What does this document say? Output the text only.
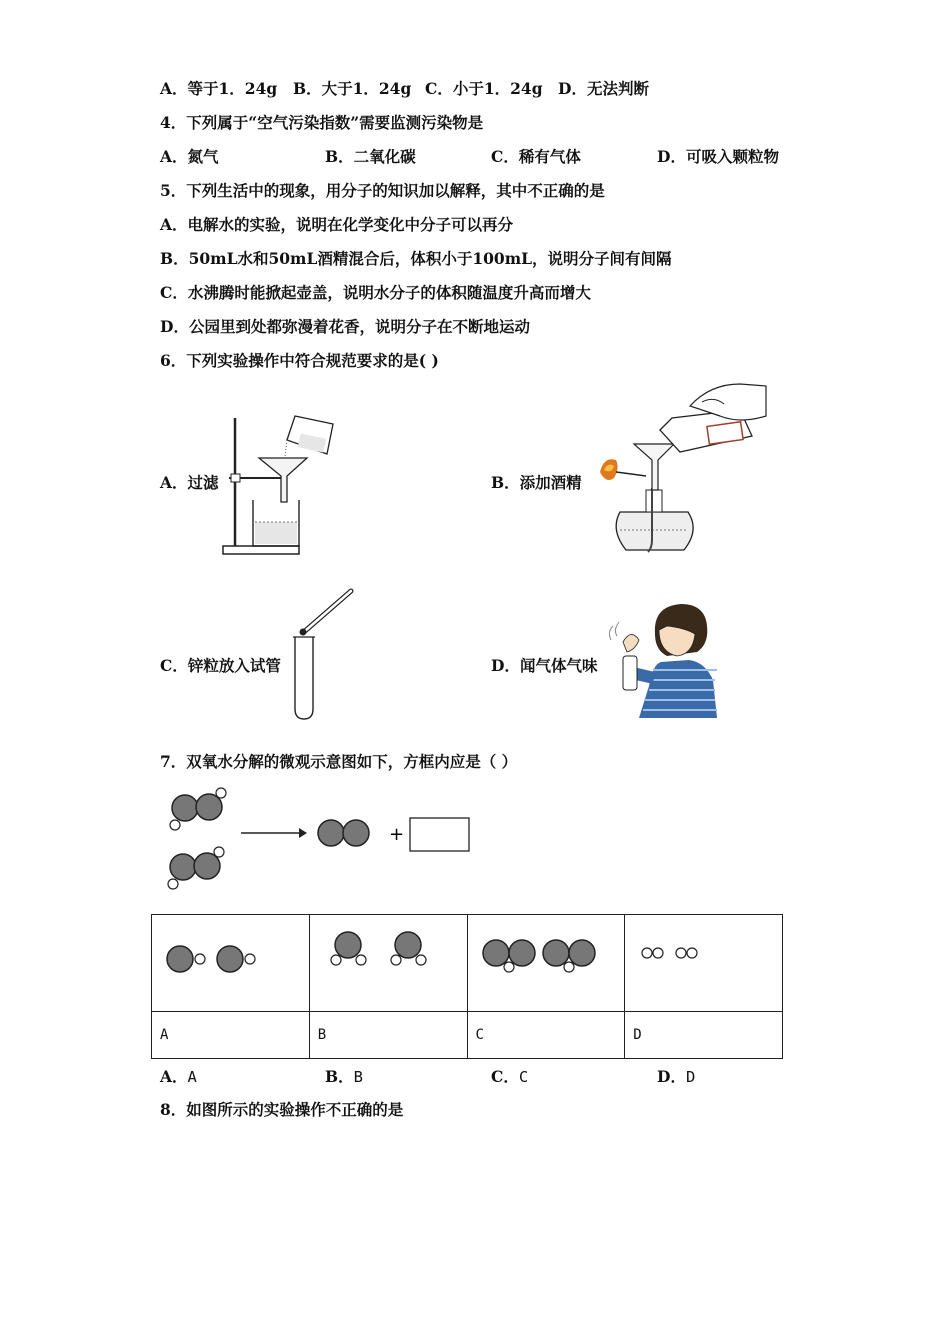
A．等于1．24g B．大于1．24g C．小于1．24g D．无法判断
4．下列属于“空气污染指数”需要监测污染物是
A．氮气	B．二氧化碳	C．稀有气体	D．可吸入颗粒物
5．下列生活中的现象，用分子的知识加以解释，其中不正确的是
A．电解水的实验，说明在化学变化中分子可以再分
B．50mL水和50mL酒精混合后，体积小于100mL，说明分子间有间隔
C．水沸腾时能掀起壶盖，说明水分子的体积随温度升高而增大
D．公园里到处都弥漫着花香，说明分子在不断地运动
6．下列实验操作中符合规范要求的是( )
A．过滤	B．添加酒精
C．锌粒放入试管	D．闻气体气味
7．双氧水分解的微观示意图如下，方框内应是（ ）
+

A	B	C	D
A．A	B．B	C．C	D．D
8．如图所示的实验操作不正确的是
